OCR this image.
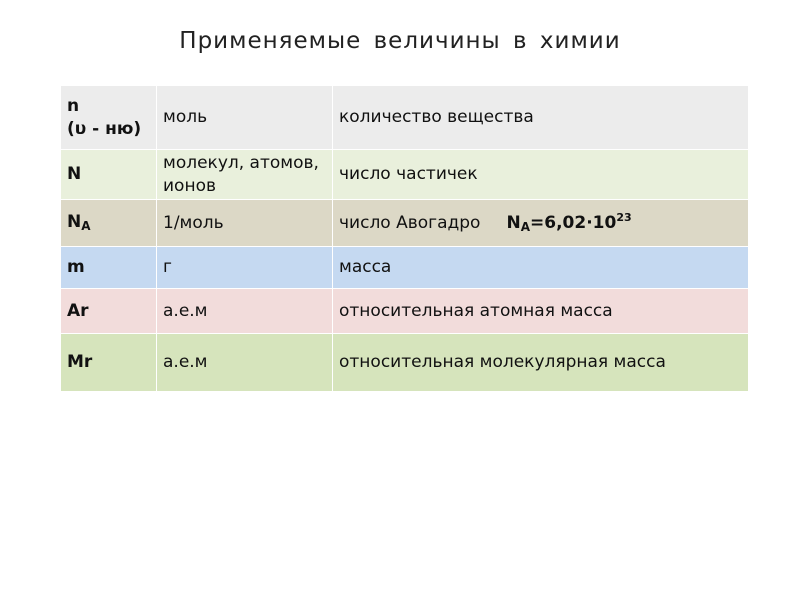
Применяемые величины в химии
n
(υ - ню)	моль	количество вещества
N	молекул, атомов, ионов	число частичек
$N_A$	1/моль	число Авогадро $N_A=6,02\cdot 10^{23}$
m	г	масса
Ar	а.е.м	относительная атомная масса
Mr	а.е.м	относительная молекулярная масса
